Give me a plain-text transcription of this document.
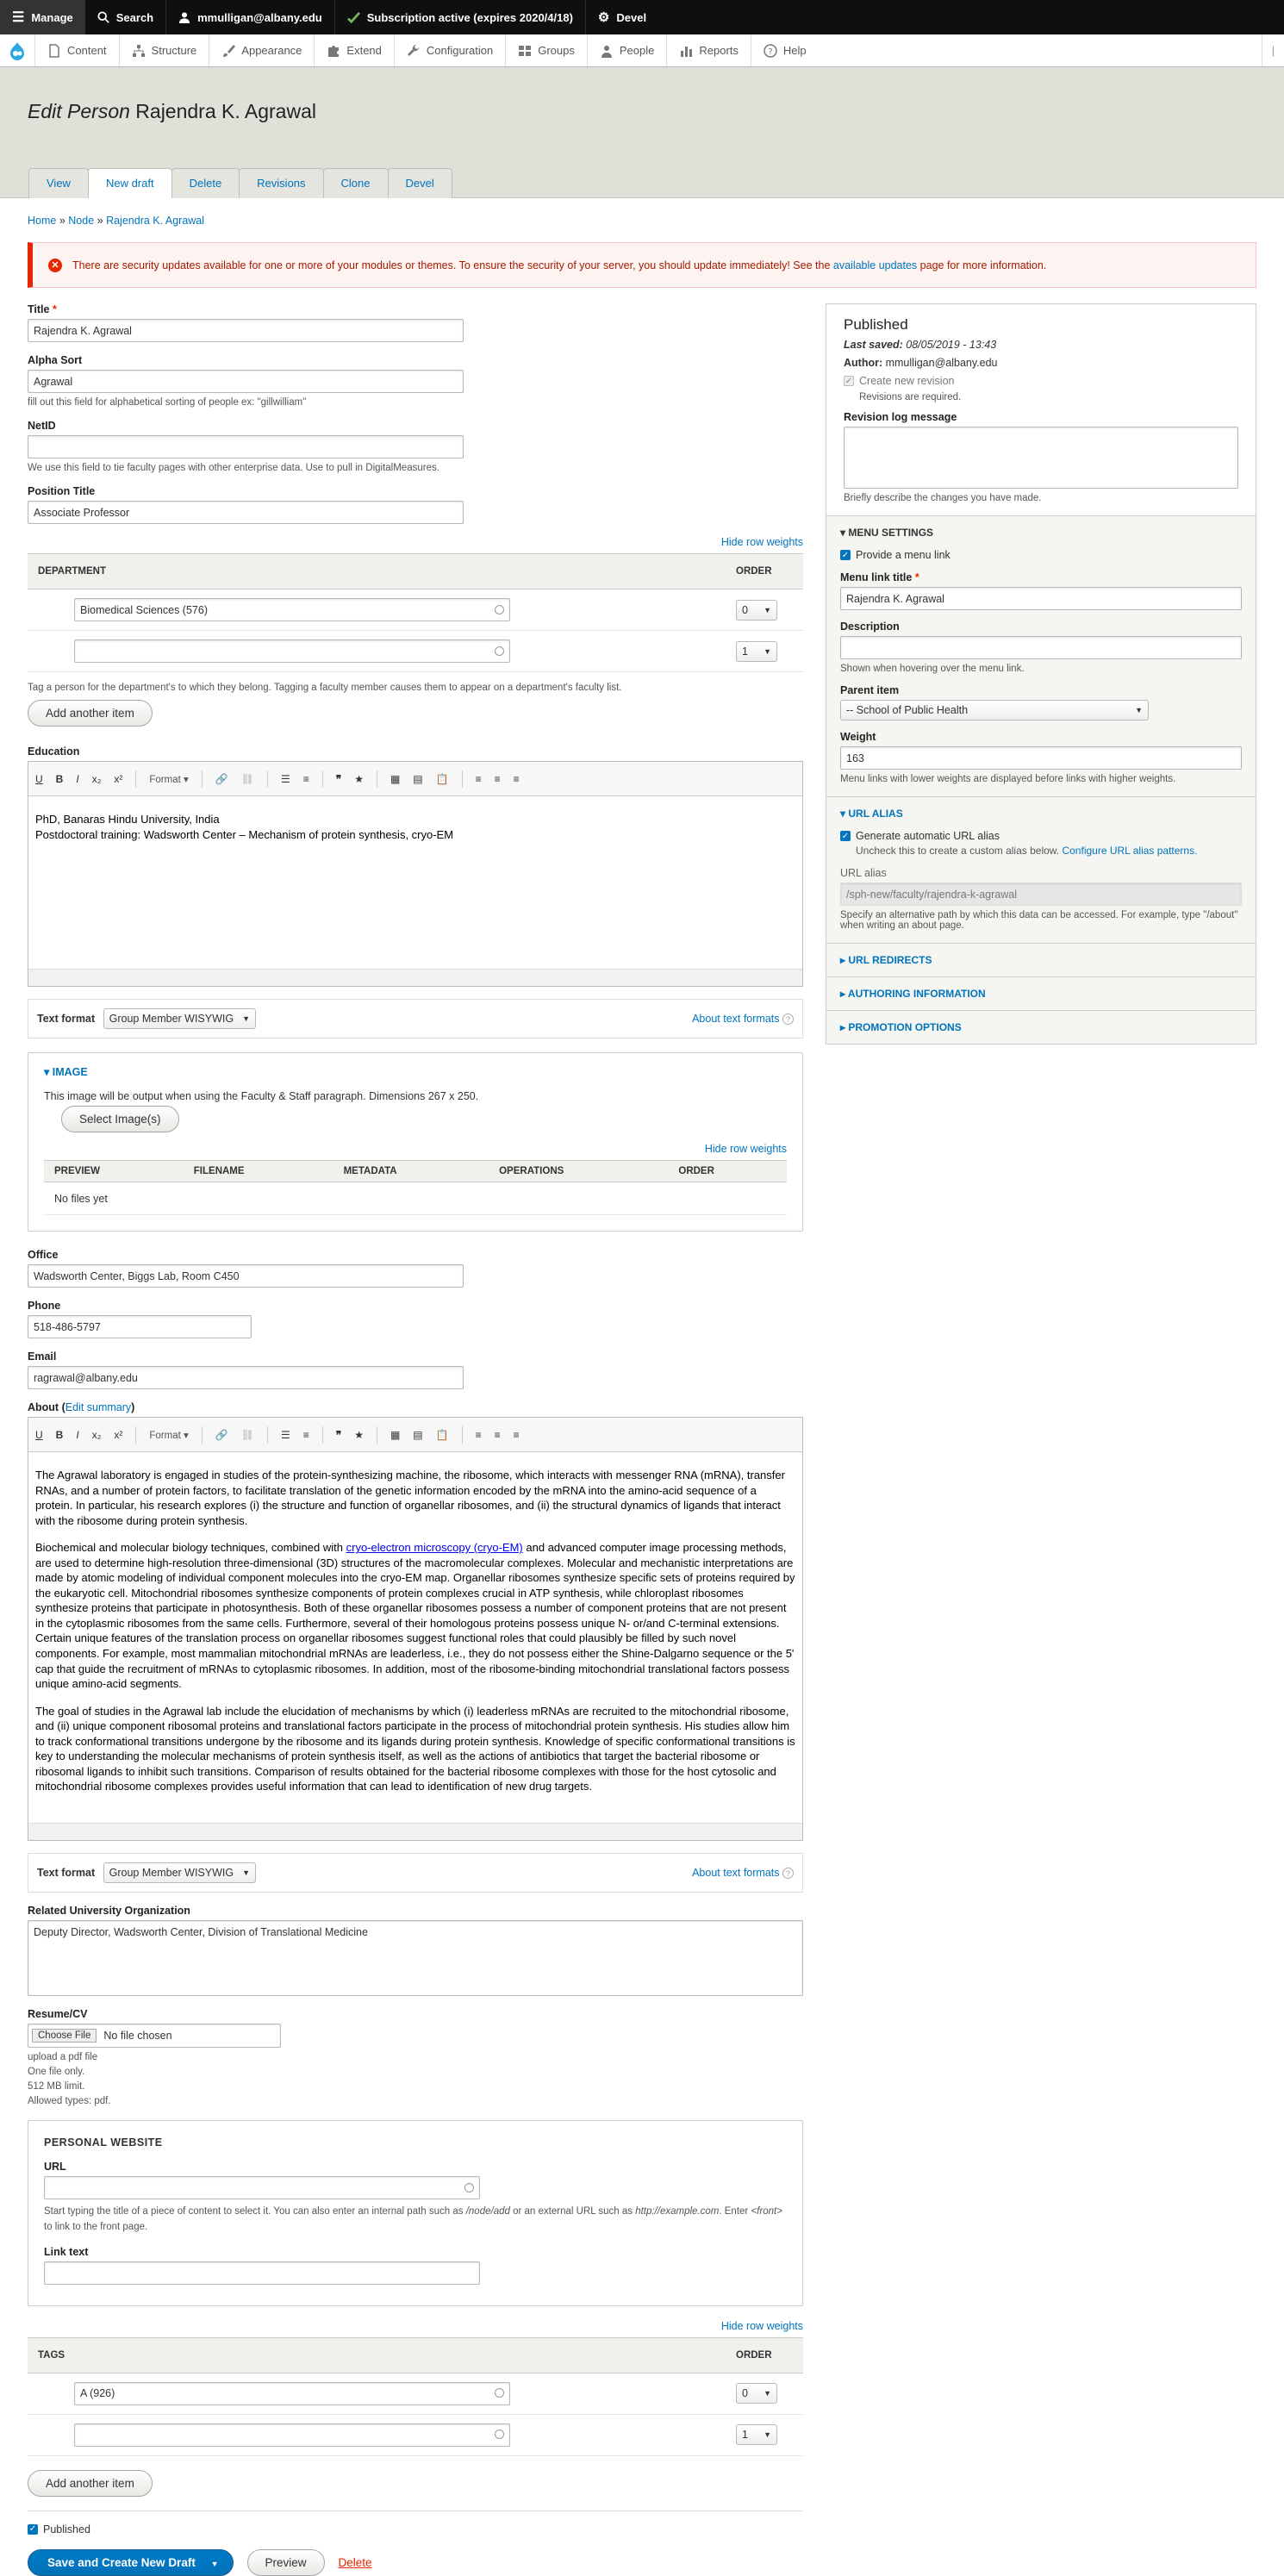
☰ Manage	Search	mmulligan@albany.edu	Subscription active (expires 2020/4/18) ⚙ Devel
Content	Structure	Appearance	Extend	Configuration	Groups	People	Reports	? Help	|
Edit Person Rajendra K. Agrawal
View	New draft	Delete	Revisions	Clone	Devel
Home » Node » Rajendra K. Agrawal
✕ There are security updates available for one or more of your modules or themes. To ensure the security of your server, you should update immediately! See the available updates page for more information.
Title *
Rajendra K. Agrawal
Alpha Sort
Agrawal
fill out this field for alphabetical sorting of people ex: "gillwilliam"
NetID
We use this field to tie faculty pages with other enterprise data. Use to pull in DigitalMeasures.
Position Title
Associate Professor
Hide row weights
DEPARTMENT	ORDER

Biomedical Sciences (576)	0 ▼

	1 ▼
Tag a person for the department's to which they belong. Tagging a faculty member causes them to appear on a department's faculty list.
Add another item
Education
U B I x₂ x²	Format ▾	🔗 ⛓	☰ ≡	❞ ★	▦ ▤ 📋	≡ ≡ ≡
PhD, Banaras Hindu University, India
Postdoctoral training: Wadsworth Center – Mechanism of protein synthesis, cryo-EM
Text format Group Member WISYWIG ▼	About text formats ?
▾ IMAGE
This image will be output when using the Faculty & Staff paragraph. Dimensions 267 x 250.
Select Image(s)
Hide row weights
PREVIEW	FILENAME	METADATA	OPERATIONS	ORDER
No files yet
Office
Wadsworth Center, Biggs Lab, Room C450
Phone
518-486-5797
Email
ragrawal@albany.edu
About (Edit summary)
U B I x₂ x²	Format ▾	🔗 ⛓	☰ ≡	❞ ★	▦ ▤ 📋	≡ ≡ ≡

The Agrawal laboratory is engaged in studies of the protein-synthesizing machine, the ribosome, which interacts with messenger RNA (mRNA), transfer RNAs, and a number of protein factors, to facilitate translation of the genetic information encoded by the mRNA into the amino-acid sequence of a protein. In particular, his research explores (i) the structure and function of organellar ribosomes, and (ii) the structural dynamics of ligands that interact with the ribosome during protein synthesis.

Biochemical and molecular biology techniques, combined with cryo-electron microscopy (cryo-EM) and advanced computer image processing methods, are used to determine high-resolution three-dimensional (3D) structures of the macromolecular complexes. Molecular and mechanistic interpretations are made by atomic modeling of individual component molecules into the cryo-EM map. Organellar ribosomes synthesize specific sets of proteins required by the eukaryotic cell. Mitochondrial ribosomes synthesize components of protein complexes crucial in ATP synthesis, while chloroplast ribosomes synthesize proteins that participate in photosynthesis. Both of these organellar ribosomes possess a number of component proteins that are not present in the cytoplasmic ribosomes from the same cells. Furthermore, several of their homologous proteins possess unique N- or/and C-terminal extensions. Certain unique features of the translation process on organellar ribosomes suggest functional roles that could plausibly be filled by such novel components. For example, most mammalian mitochondrial mRNAs are leaderless, i.e., they do not possess either the Shine-Dalgarno sequence or the 5' cap that guide the recruitment of mRNAs to cytoplasmic ribosomes. In addition, most of the ribosome-binding mitochondrial translational factors possess unique amino-acid segments.

The goal of studies in the Agrawal lab include the elucidation of mechanisms by which (i) leaderless mRNAs are recruited to the mitochondrial ribosome, and (ii) unique component ribosomal proteins and translational factors participate in the process of mitochondrial protein synthesis. His studies allow him to track conformational transitions undergone by the ribosome and its ligands during protein synthesis. Knowledge of specific conformational transitions is key to understanding the molecular mechanisms of protein synthesis itself, as well as the actions of antibiotics that target the bacterial ribosome or ribosomal ligands to inhibit such transitions. Comparison of results obtained for the bacterial ribosome complexes with those for the host cytosolic and mitochondrial ribosome complexes provides useful information that can lead to identification of new drug targets.

Text format Group Member WISYWIG ▼	About text formats ?
Related University Organization
Deputy Director, Wadsworth Center, Division of Translational Medicine
Resume/CV
Choose File	No file chosen
upload a pdf file
One file only.
512 MB limit.
Allowed types: pdf.
PERSONAL WEBSITE
URL
Start typing the title of a piece of content to select it. You can also enter an internal path such as /node/add or an external URL such as http://example.com. Enter <front> to link to the front page.
Link text
Hide row weights
TAGS	ORDER

A (926)	0 ▼

	1 ▼
Add another item
✓ Published
Save and Create New Draft ▼	Preview	Delete
Published
Last saved: 08/05/2019 - 13:43
Author: mmulligan@albany.edu
✓ Create new revision
Revisions are required.
Revision log message
Briefly describe the changes you have made.
▾ MENU SETTINGS
✓ Provide a menu link
Menu link title *
Rajendra K. Agrawal
Description
Shown when hovering over the menu link.
Parent item
-- School of Public Health	▼
Weight
163
Menu links with lower weights are displayed before links with higher weights.
▾ URL ALIAS
✓ Generate automatic URL alias
Uncheck this to create a custom alias below. Configure URL alias patterns.
URL alias
/sph-new/faculty/rajendra-k-agrawal
Specify an alternative path by which this data can be accessed. For example, type "/about" when writing an about page.
▸ URL REDIRECTS
▸ AUTHORING INFORMATION
▸ PROMOTION OPTIONS
